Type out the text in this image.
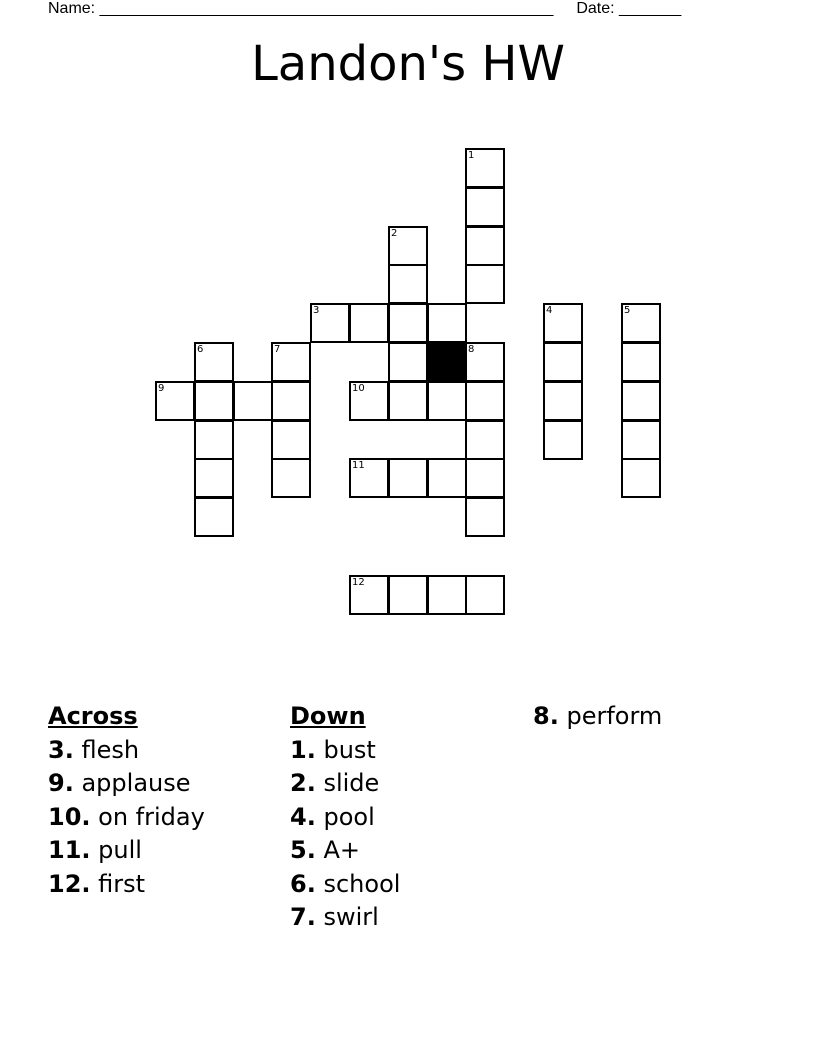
Name: ___________________________________________________ Date: _______
Landon's HW
1
2
3	4	5
6	7	8
9	10
11
12
Across
3. flesh
9. applause
10. on friday
11. pull
12. first
Down
1. bust
2. slide
4. pool
5. A+
6. school
7. swirl
8. perform
